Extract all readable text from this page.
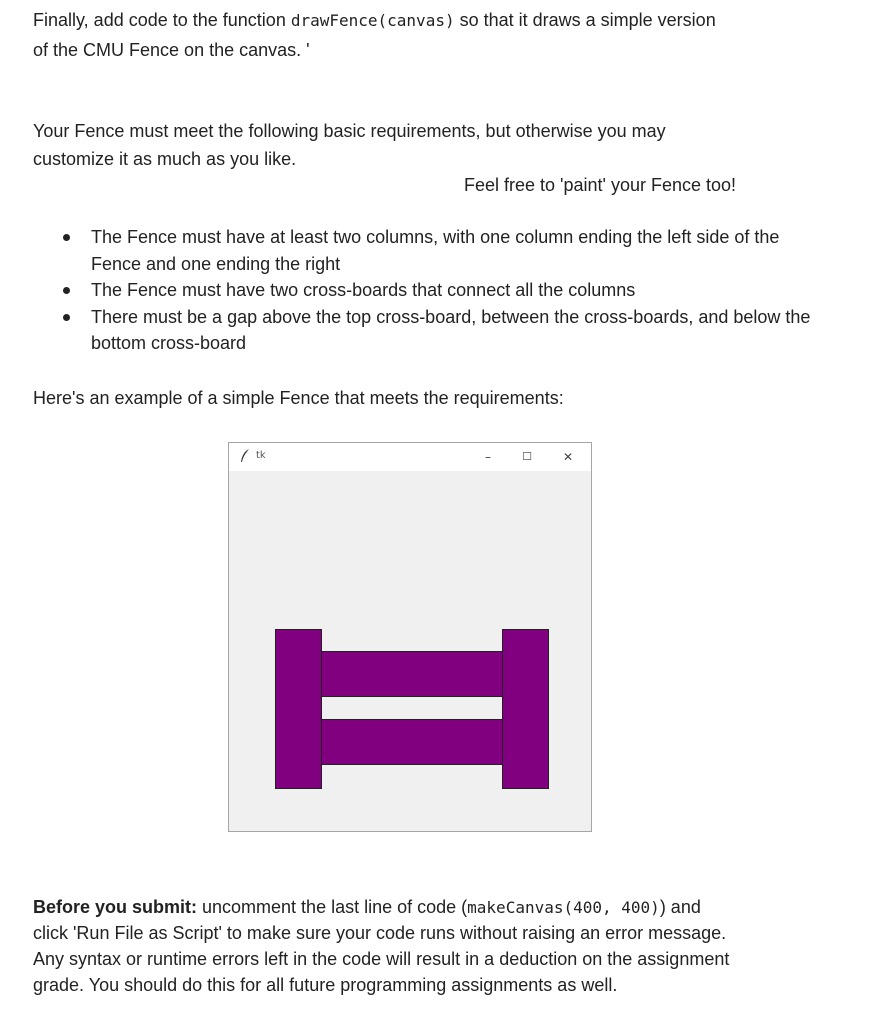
Finally, add code to the function drawFence(canvas) so that it draws a simple version
of the CMU Fence on the canvas. '
Your Fence must meet the following basic requirements, but otherwise you may
customize it as much as you like.
Feel free to 'paint' your Fence too!
The Fence must have at least two columns, with one column ending the left side of the Fence and one ending the right
The Fence must have two cross-boards that connect all the columns
There must be a gap above the top cross-board, between the cross-boards, and below the bottom cross-board
Here's an example of a simple Fence that meets the requirements:
tk	–	☐	✕
Before you submit: uncomment the last line of code (makeCanvas(400, 400)) and
click 'Run File as Script' to make sure your code runs without raising an error message.
Any syntax or runtime errors left in the code will result in a deduction on the assignment
grade. You should do this for all future programming assignments as well.
